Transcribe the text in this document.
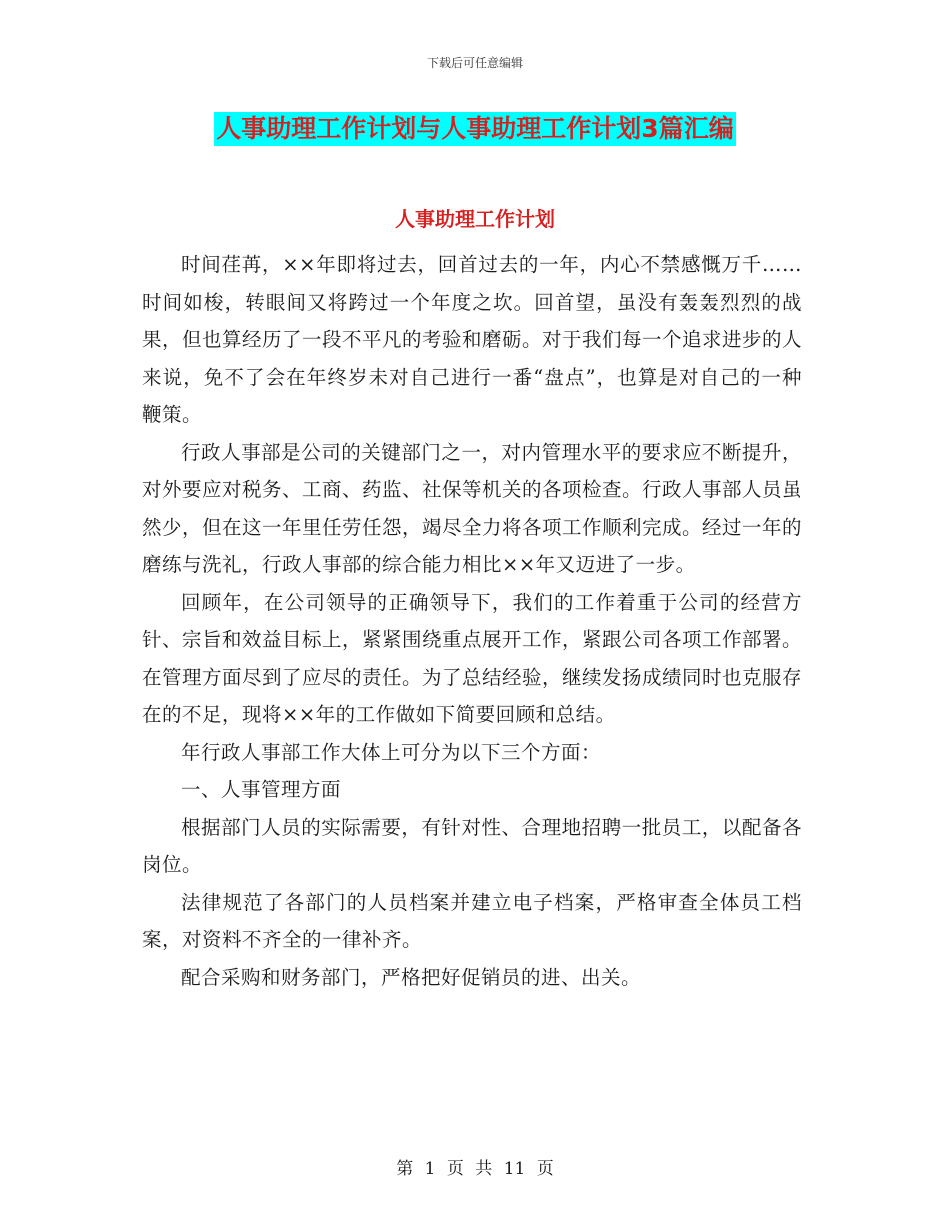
下载后可任意编辑
人事助理工作计划与人事助理工作计划3篇汇编
人事助理工作计划

时间荏苒，××年即将过去，回首过去的一年，内心不禁感慨万千……时间如梭，转眼间又将跨过一个年度之坎。回首望，虽没有轰轰烈烈的战果，但也算经历了一段不平凡的考验和磨砺。对于我们每一个追求进步的人来说，免不了会在年终岁未对自己进行一番“盘点”，也算是对自己的一种鞭策。

行政人事部是公司的关键部门之一，对内管理水平的要求应不断提升，对外要应对税务、工商、药监、社保等机关的各项检查。行政人事部人员虽然少，但在这一年里任劳任怨，竭尽全力将各项工作顺利完成。经过一年的磨练与洗礼，行政人事部的综合能力相比××年又迈进了一步。

回顾年，在公司领导的正确领导下，我们的工作着重于公司的经营方针、宗旨和效益目标上，紧紧围绕重点展开工作，紧跟公司各项工作部署。在管理方面尽到了应尽的责任。为了总结经验，继续发扬成绩同时也克服存在的不足，现将××年的工作做如下简要回顾和总结。

年行政人事部工作大体上可分为以下三个方面：

一、人事管理方面

根据部门人员的实际需要，有针对性、合理地招聘一批员工，以配备各岗位。

法律规范了各部门的人员档案并建立电子档案，严格审查全体员工档案，对资料不齐全的一律补齐。

配合采购和财务部门，严格把好促销员的进、出关。

第 1 页 共 11 页
